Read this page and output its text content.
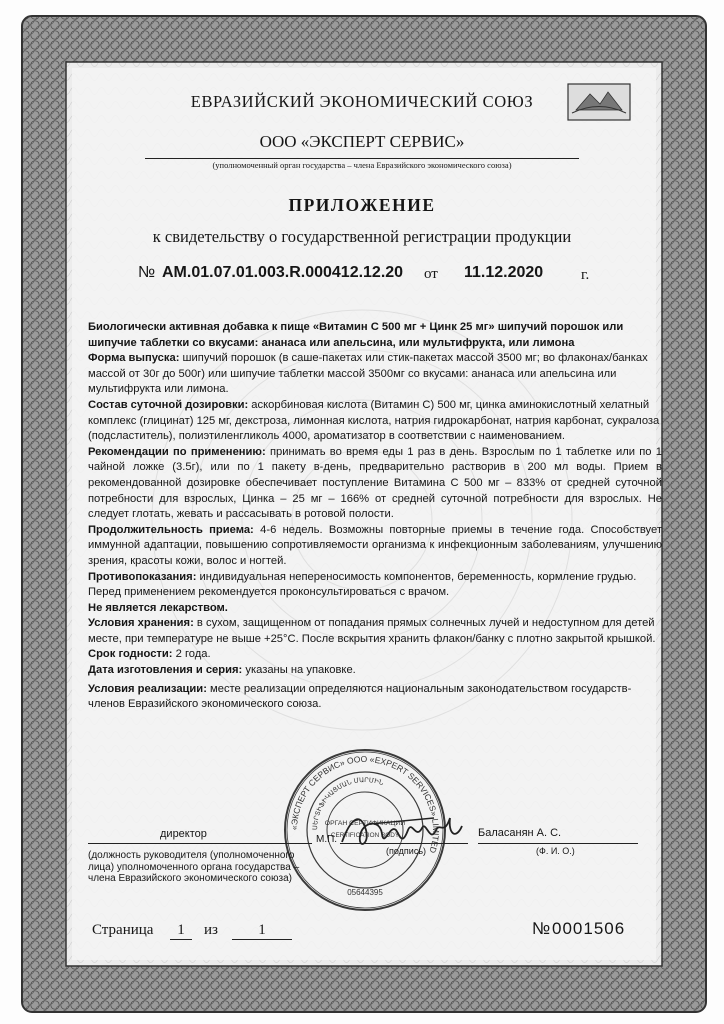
ЕВРАЗИЙСКИЙ ЭКОНОМИЧЕСКИЙ СОЮЗ
ООО «ЭКСПЕРТ СЕРВИС»
(уполномоченный орган государства – члена Евразийского экономического союза)
ПРИЛОЖЕНИЕ
к свидетельству о государственной регистрации продукции
№ AM.01.07.01.003.R.000412.12.20 от 11.12.2020	г.

Биологически активная добавка к пище «Витамин С 500 мг + Цинк 25 мг» шипучий порошок или шипучие таблетки со вкусами: ананаса или апельсина, или мультифрукта, или лимона

Форма выпуска: шипучий порошок (в саше-пакетах или стик-пакетах массой 3500 мг; во флаконах/банках массой от 30г до 500г) или шипучие таблетки массой 3500мг со вкусами: ананаса или апельсина или мультифрукта или лимона.

Состав суточной дозировки: аскорбиновая кислота (Витамин С) 500 мг, цинка аминокислотный хелатный комплекс (глицинат) 125 мг, декстроза, лимонная кислота, натрия гидрокарбонат, натрия карбонат, сукралоза (подсластитель), полиэтиленгликоль 4000, ароматизатор в соответствии с наименованием.

Рекомендации по применению: принимать во время еды 1 раз в день. Взрослым по 1 таблетке или по 1 чайной ложке (3.5г), или по 1 пакету в-день, предварительно растворив в 200 мл воды. Прием в рекомендованной дозировке обеспечивает поступление Витамина С 500 мг – 833% от средней суточной потребности для взрослых, Цинка – 25 мг – 166% от средней суточной потребности для взрослых. Не следует глотать, жевать и рассасывать в ротовой полости.

Продолжительность приема: 4-6 недель. Возможны повторные приемы в течение года. Способствует иммунной адаптации, повышению сопротивляемости организма к инфекционным заболеваниям, улучшению зрения, красоты кожи, волос и ногтей.

Противопоказания: индивидуальная непереносимость компонентов, беременность, кормление грудью. Перед применением рекомендуется проконсультироваться с врачом.

Не является лекарством.

Условия хранения: в сухом, защищенном от попадания прямых солнечных лучей и недоступном для детей месте, при температуре не выше +25°С. После вскрытия хранить флакон/банку с плотно закрытой крышкой.

Срок годности: 2 года.

Дата изготовления и серия: указаны на упаковке.

Условия реализации: месте реализации определяются национальным законодательством государств-членов Евразийского экономического союза.

«ЭКСПЕРТ СЕРВИС» ООО «EXPERT SERVICES» LIMITED
ՍԵՐՏԻՖԻԿԱՑՄԱՆ ՄԱՐՄԻՆ
ОРГАН СЕРТИФИКАЦИИ
CERTIFICATION BODY
05644395
директор	М.П.
(подпись)
Баласанян А. С.
(Ф. И. О.)
(должность руководителя (уполномоченного лица) уполномоченного органа государства – члена Евразийского экономического союза)
Страница	1	из	1	№ 0001506
